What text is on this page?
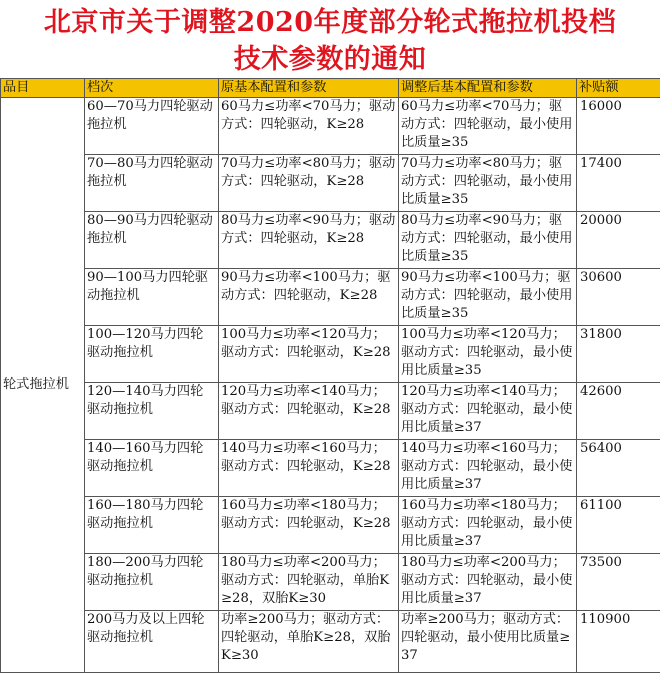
北京市关于调整2020年度部分轮式拖拉机投档
技术参数的通知
品目	档次	原基本配置和参数	调整后基本配置和参数	补贴额
轮式拖拉机	60—70马力四轮驱动拖拉机	60马力≤功率<70马力；驱动方式：四轮驱动，K≥28	60马力≤功率<70马力；驱动方式：四轮驱动，最小使用比质量≥35	16000
	70—80马力四轮驱动拖拉机	70马力≤功率<80马力；驱动方式：四轮驱动，K≥28	70马力≤功率<80马力；驱动方式：四轮驱动，最小使用比质量≥35	17400
	80—90马力四轮驱动拖拉机	80马力≤功率<90马力；驱动方式：四轮驱动，K≥28	80马力≤功率<90马力；驱动方式：四轮驱动，最小使用比质量≥35	20000
	90—100马力四轮驱动拖拉机	90马力≤功率<100马力；驱动方式：四轮驱动，K≥28	90马力≤功率<100马力；驱动方式：四轮驱动，最小使用比质量≥35	30600
	100—120马力四轮驱动拖拉机	100马力≤功率<120马力；驱动方式：四轮驱动，K≥28	100马力≤功率<120马力；驱动方式：四轮驱动，最小使用比质量≥35	31800
	120—140马力四轮驱动拖拉机	120马力≤功率<140马力；驱动方式：四轮驱动，K≥28	120马力≤功率<140马力；驱动方式：四轮驱动，最小使用比质量≥37	42600
	140—160马力四轮驱动拖拉机	140马力≤功率<160马力；驱动方式：四轮驱动，K≥28	140马力≤功率<160马力；驱动方式：四轮驱动，最小使用比质量≥37	56400
	160—180马力四轮驱动拖拉机	160马力≤功率<180马力；驱动方式：四轮驱动，K≥28	160马力≤功率<180马力；驱动方式：四轮驱动，最小使用比质量≥37	61100
	180—200马力四轮驱动拖拉机	180马力≤功率<200马力；驱动方式：四轮驱动，单胎K≥28，双胎K≥30	180马力≤功率<200马力；驱动方式：四轮驱动，最小使用比质量≥37	73500
	200马力及以上四轮驱动拖拉机	功率≥200马力；驱动方式：四轮驱动，单胎K≥28，双胎K≥30	功率≥200马力；驱动方式：四轮驱动，最小使用比质量≥37	110900
